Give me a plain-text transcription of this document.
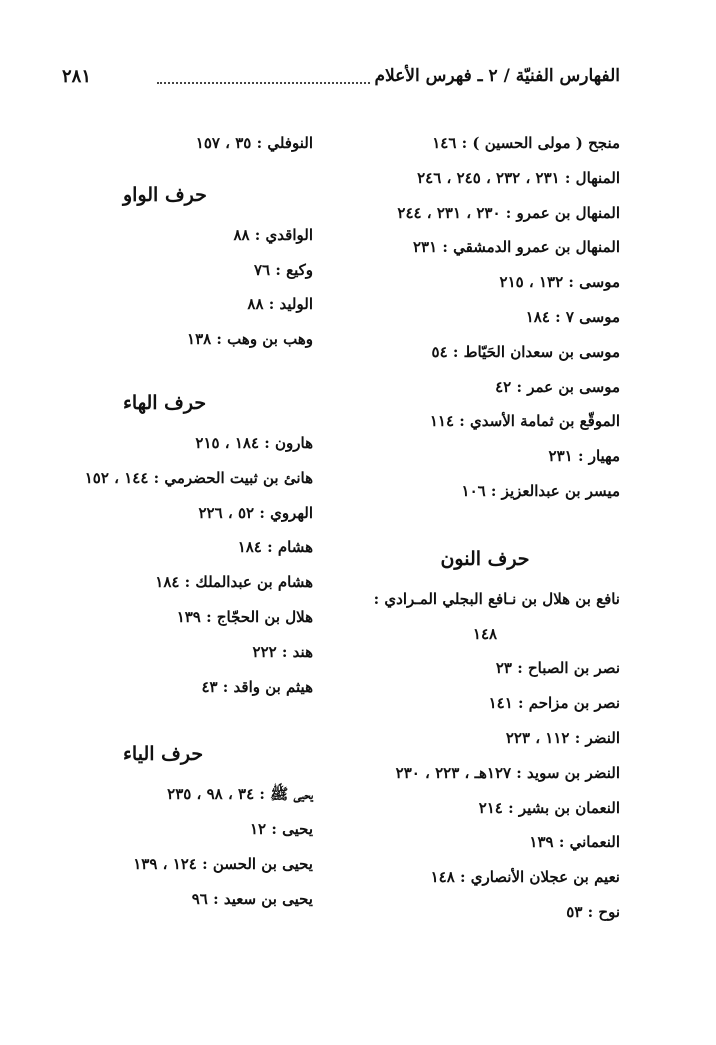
الفهارس الفنيّة / ٢ ـ فهرس الأعلام
٢٨١
منجح ( مولى الحسين ) : ١٤٦
المنهال : ٢٣١ ، ٢٣٢ ، ٢٤٥ ، ٢٤٦
المنهال بن عمرو : ٢٣٠ ، ٢٣١ ، ٢٤٤
المنهال بن عمرو الدمشقي : ٢٣١
موسى : ١٣٢ ، ٢١٥
موسى ٧ : ١٨٤
موسى بن سعدان الحَيّاط : ٥٤
موسى بن عمر : ٤٢
الموقّع بن ثمامة الأسدي : ١١٤
مهيار : ٢٣١
ميسر بن عبدالعزيز : ١٠٦
حرف النون
نافع بن هلال بن نـافع البجلي المـرادي :
١٤٨
نصر بن الصباح : ٢٣
نصر بن مزاحم : ١٤١
النضر : ١١٢ ، ٢٢٣
النضر بن سويد : ١٢٧هـ ، ٢٢٣ ، ٢٣٠
النعمان بن بشير : ٢١٤
النعماني : ١٣٩
نعيم بن عجلان الأنصاري : ١٤٨
نوح : ٥٣
النوفلي : ٣٥ ، ١٥٧
حرف الواو
الواقدي : ٨٨
وكيع : ٧٦
الوليد : ٨٨
وهب بن وهب : ١٣٨
حرف الهاء
هارون : ١٨٤ ، ٢١٥
هانئ بن ثبيت الحضرمي : ١٤٤ ، ١٥٢
الهروي : ٥٢ ، ٢٢٦
هشام : ١٨٤
هشام بن عبدالملك : ١٨٤
هلال بن الحجّاج : ١٣٩
هند : ٢٢٢
هيثم بن واقد : ٤٣
حرف الياء
يحيى ﷺ : ٣٤ ، ٩٨ ، ٢٣٥
يحيى : ١٢
يحيى بن الحسن : ١٢٤ ، ١٣٩
يحيى بن سعيد : ٩٦
